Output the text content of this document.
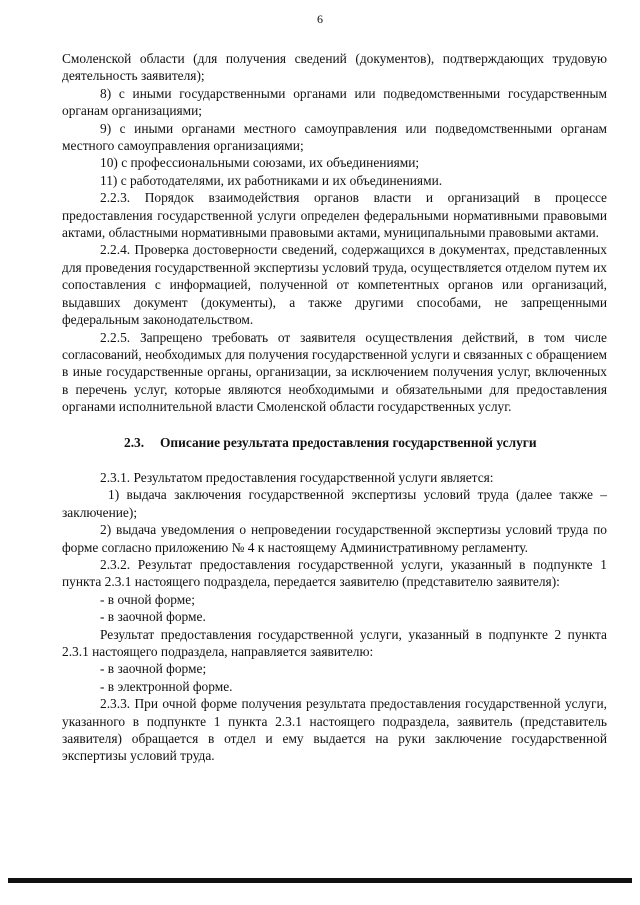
6

Смоленской области (для получения сведений (документов), подтверждающих трудовую деятельность заявителя);

8) с иными государственными органами или подведомственными государственным органам организациями;

9) с иными органами местного самоуправления или подведомственными органам местного самоуправления организациями;

10) с профессиональными союзами, их объединениями;

11) с работодателями, их работниками и их объединениями.

2.2.3. Порядок взаимодействия органов власти и организаций в процессе предоставления государственной услуги определен федеральными нормативными правовыми актами, областными нормативными правовыми актами, муниципальными правовыми актами.

2.2.4. Проверка достоверности сведений, содержащихся в документах, представленных для проведения государственной экспертизы условий труда, осуществляется отделом путем их сопоставления с информацией, полученной от компетентных органов или организаций, выдавших документ (документы), а также другими способами, не запрещенными федеральным законодательством.

2.2.5. Запрещено требовать от заявителя осуществления действий, в том числе согласований, необходимых для получения государственной услуги и связанных с обращением в иные государственные органы, организации, за исключением получения услуг, включенных в перечень услуг, которые являются необходимыми и обязательными для предоставления органами исполнительной власти Смоленской области государственных услуг.

2.3. Описание результата предоставления государственной услуги

2.3.1. Результатом предоставления государственной услуги является:

1) выдача заключения государственной экспертизы условий труда (далее также – заключение);

2) выдача уведомления о непроведении государственной экспертизы условий труда по форме согласно приложению № 4 к настоящему Административному регламенту.

2.3.2. Результат предоставления государственной услуги, указанный в подпункте 1 пункта 2.3.1 настоящего подраздела, передается заявителю (представителю заявителя):

- в очной форме;

- в заочной форме.

Результат предоставления государственной услуги, указанный в подпункте 2 пункта 2.3.1 настоящего подраздела, направляется заявителю:

- в заочной форме;

- в электронной форме.

2.3.3. При очной форме получения результата предоставления государственной услуги, указанного в подпункте 1 пункта 2.3.1 настоящего подраздела, заявитель (представитель заявителя) обращается в отдел и ему выдается на руки заключение государственной экспертизы условий труда.
